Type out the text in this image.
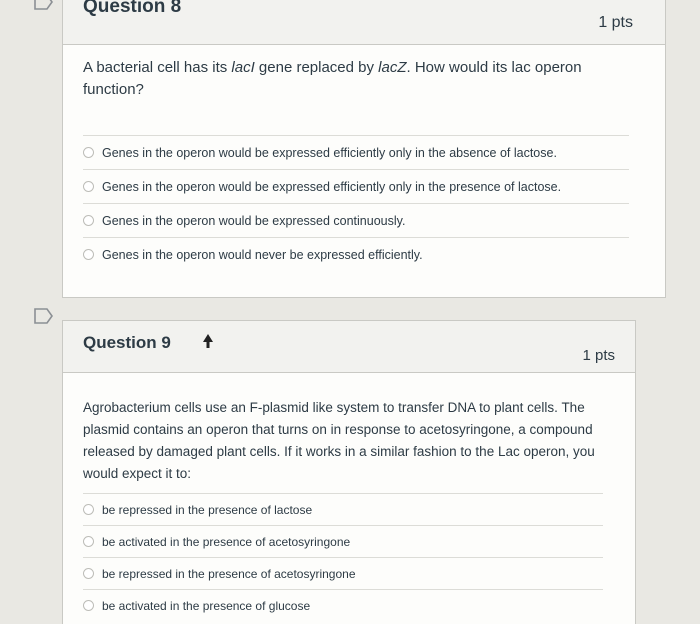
Question 8
1 pts
A bacterial cell has its lacI gene replaced by lacZ. How would its lac operon function?
Genes in the operon would be expressed efficiently only in the absence of lactose.
Genes in the operon would be expressed efficiently only in the presence of lactose.
Genes in the operon would be expressed continuously.
Genes in the operon would never be expressed efficiently.
Question 9
1 pts
Agrobacterium cells use an F-plasmid like system to transfer DNA to plant cells. The plasmid contains an operon that turns on in response to acetosyringone, a compound released by damaged plant cells. If it works in a similar fashion to the Lac operon, you would expect it to:
be repressed in the presence of lactose
be activated in the presence of acetosyringone
be repressed in the presence of acetosyringone
be activated in the presence of glucose
